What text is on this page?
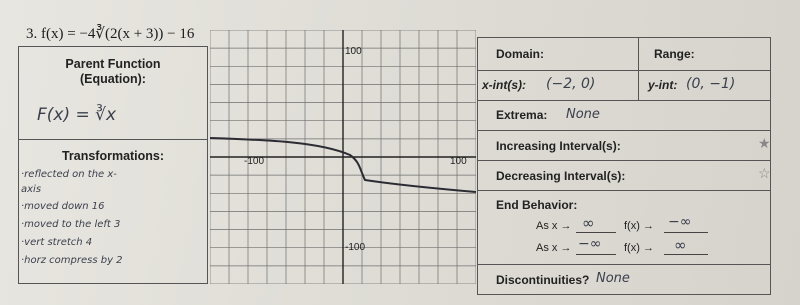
3. f(x) = −4∛(2(x + 3)) − 16
Parent Function
(Equation):
F(x) = ∛x
Transformations:
·reflected on the x-
axis
·moved down 16
·moved to the left 3
·vert stretch 4
·horz compress by 2
100
-100
-100	100
Domain:	Range:
x-int(s): (−2, 0)	y-int: (0, −1)
Extrema: None
Increasing Interval(s):	★
Decreasing Interval(s):	☆
End Behavior:
As x → ∞	f(x) → −∞
As x → −∞ f(x) → ∞
Discontinuities? None
